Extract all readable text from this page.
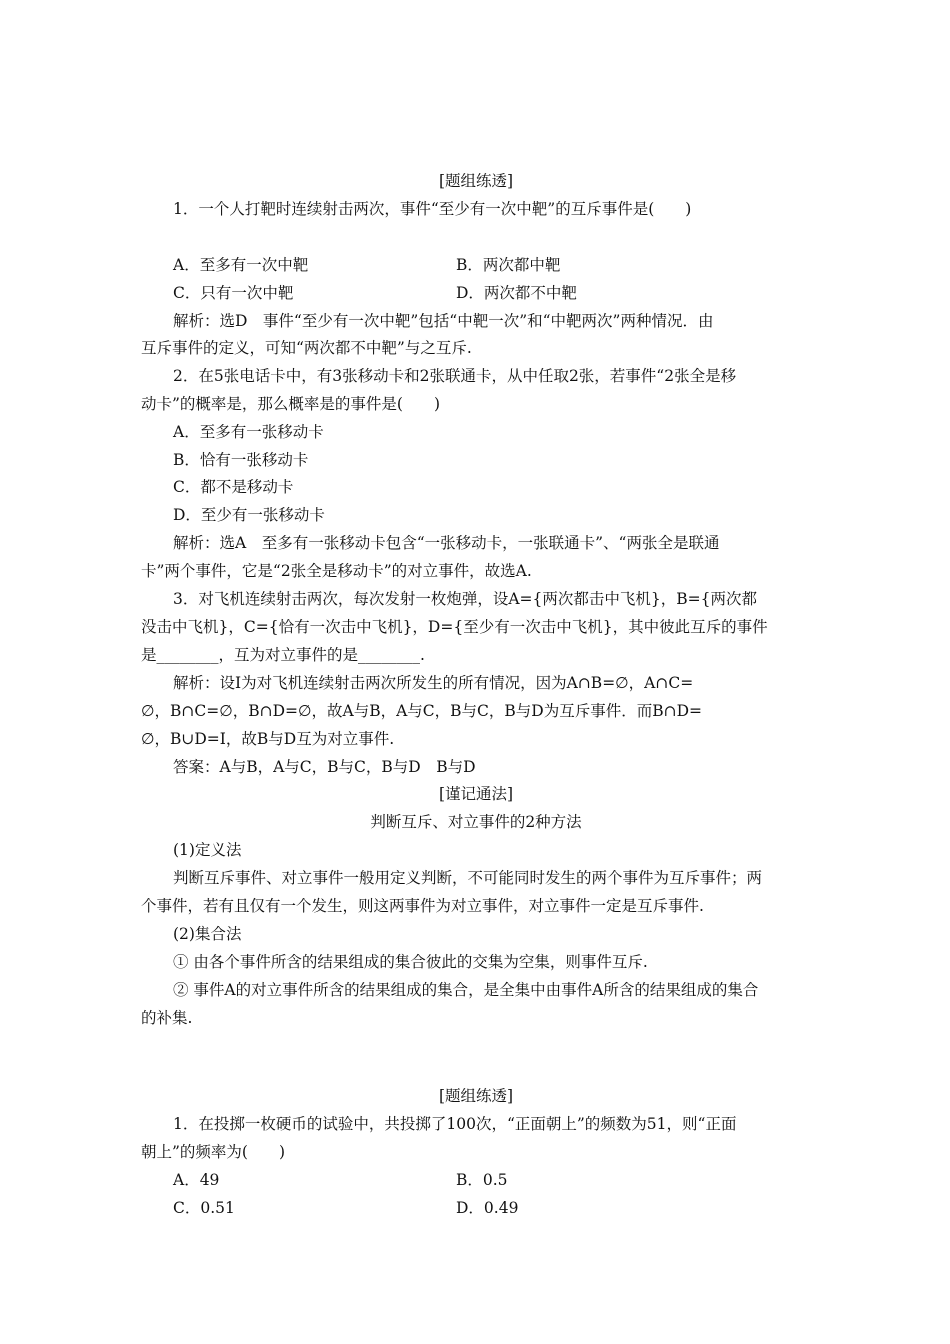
[题组练透]
1．一个人打靶时连续射击两次，事件“至少有一次中靶”的互斥事件是(　　)
A．至多有一次中靶	B．两次都中靶
C．只有一次中靶	D．两次都不中靶
解析：选D　事件“至少有一次中靶”包括“中靶一次”和“中靶两次”两种情况．由
互斥事件的定义，可知“两次都不中靶”与之互斥.
2．在5张电话卡中，有3张移动卡和2张联通卡，从中任取2张，若事件“2张全是移
动卡”的概率是，那么概率是的事件是(　　)
A．至多有一张移动卡
B．恰有一张移动卡
C．都不是移动卡
D．至少有一张移动卡
解析：选A　至多有一张移动卡包含“一张移动卡，一张联通卡”、“两张全是联通
卡”两个事件，它是“2张全是移动卡”的对立事件，故选A.
3．对飞机连续射击两次，每次发射一枚炮弹，设A={两次都击中飞机}，B={两次都
没击中飞机}，C={恰有一次击中飞机}，D={至少有一次击中飞机}，其中彼此互斥的事件
是________，互为对立事件的是________.
解析：设I为对飞机连续射击两次所发生的所有情况，因为A∩B=∅，A∩C=
∅，B∩C=∅，B∩D=∅，故A与B，A与C，B与C，B与D为互斥事件．而B∩D=
∅，B∪D=I，故B与D互为对立事件.
答案：A与B，A与C，B与C，B与D　B与D
[谨记通法]
判断互斥、对立事件的2种方法
(1)定义法
判断互斥事件、对立事件一般用定义判断，不可能同时发生的两个事件为互斥事件；两
个事件，若有且仅有一个发生，则这两事件为对立事件，对立事件一定是互斥事件.
(2)集合法
① 由各个事件所含的结果组成的集合彼此的交集为空集，则事件互斥.
② 事件A的对立事件所含的结果组成的集合，是全集中由事件A所含的结果组成的集合
的补集.
[题组练透]
1．在投掷一枚硬币的试验中，共投掷了100次，“正面朝上”的频数为51，则“正面
朝上”的频率为(　　)
A．49	B．0.5
C．0.51	D．0.49
